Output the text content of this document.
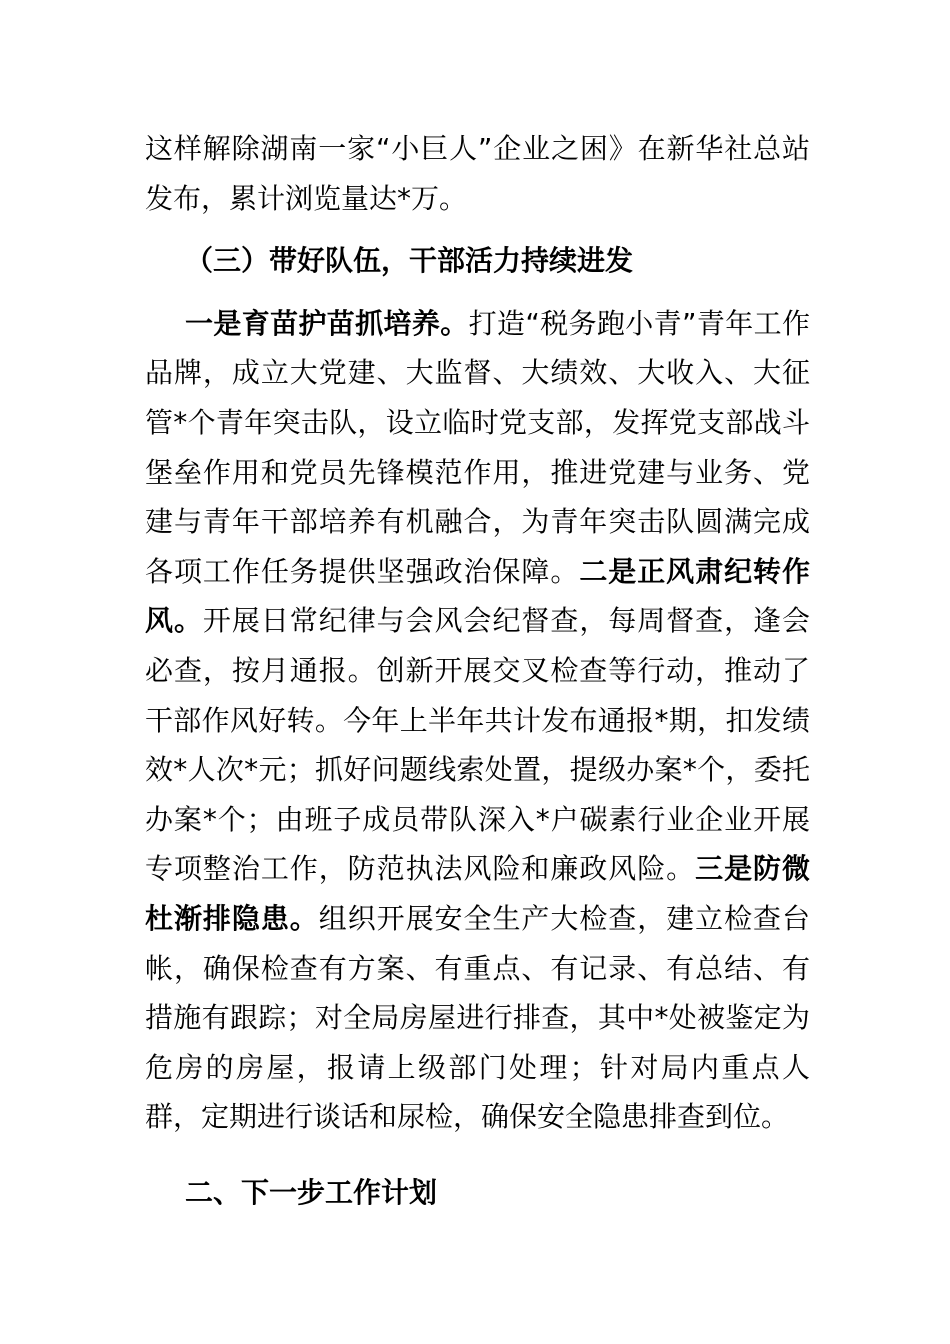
这样解除湖南一家“小巨人”企业之困》在新华社总站发布，累计浏览量达*万。

（三）带好队伍，干部活力持续进发

一是育苗护苗抓培养。打造“税务跑小青”青年工作品牌，成立大党建、大监督、大绩效、大收入、大征管*个青年突击队，设立临时党支部，发挥党支部战斗堡垒作用和党员先锋模范作用，推进党建与业务、党建与青年干部培养有机融合，为青年突击队圆满完成各项工作任务提供坚强政治保障。二是正风肃纪转作风。开展日常纪律与会风会纪督查，每周督查，逢会必查，按月通报。创新开展交叉检查等行动，推动了干部作风好转。今年上半年共计发布通报*期，扣发绩效*人次*元；抓好问题线索处置，提级办案*个，委托办案*个；由班子成员带队深入*户碳素行业企业开展专项整治工作，防范执法风险和廉政风险。三是防微杜渐排隐患。组织开展安全生产大检查，建立检查台帐，确保检查有方案、有重点、有记录、有总结、有措施有跟踪；对全局房屋进行排查，其中*处被鉴定为危房的房屋，报请上级部门处理；针对局内重点人群，定期进行谈话和尿检，确保安全隐患排查到位。

二、下一步工作计划
